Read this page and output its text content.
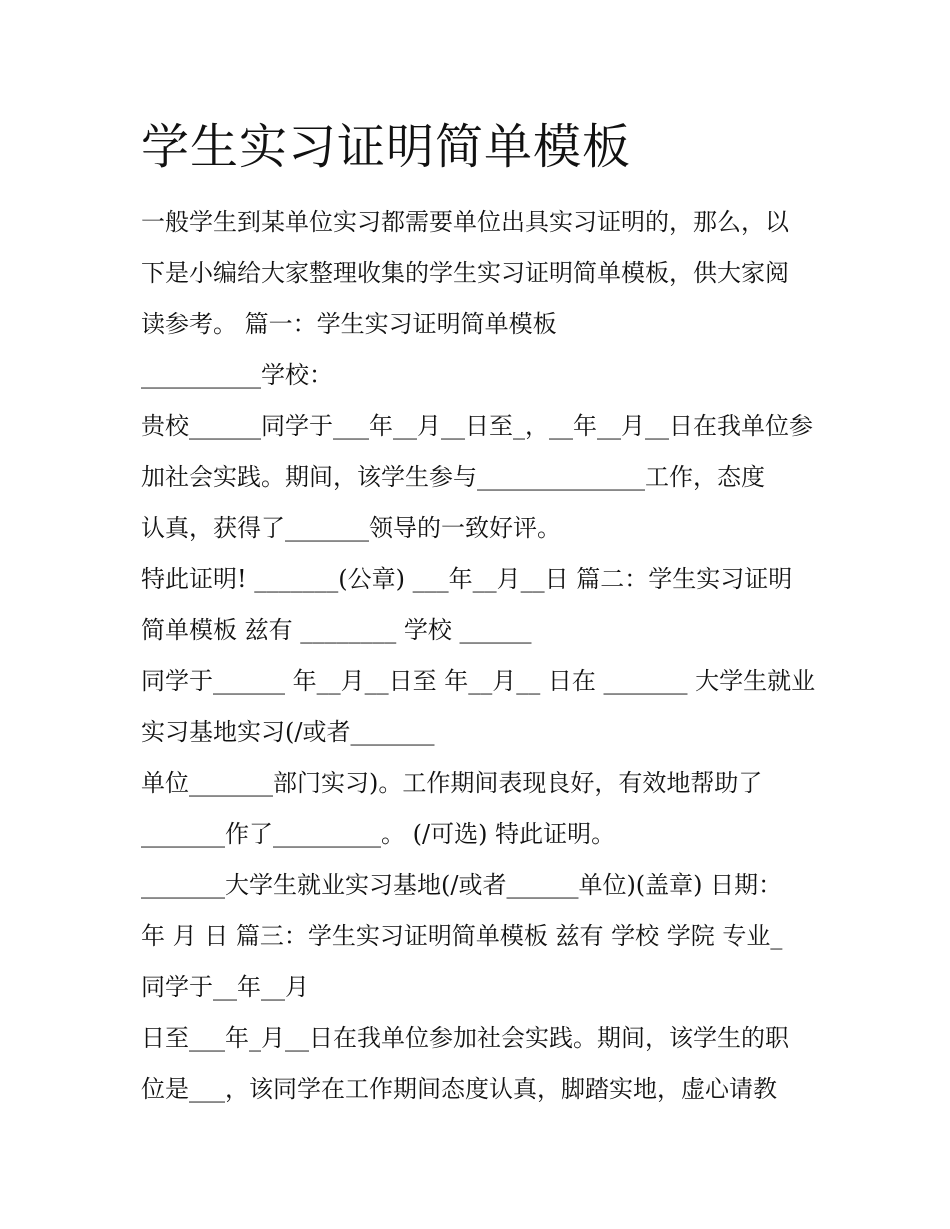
学生实习证明简单模板

一般学生到某单位实习都需要单位出具实习证明的，那么，以

下是小编给大家整理收集的学生实习证明简单模板，供大家阅

读参考。 篇一：学生实习证明简单模板

__________学校：

贵校______同学于___年__月__日至_，__年__月__日在我单位参

加社会实践。期间，该学生参与______________工作，态度

认真，获得了_______领导的一致好评。

特此证明! _______(公章) ___年__月__日 篇二：学生实习证明

简单模板 兹有 ________ 学校 ______

同学于______ 年__月__日至 年__月__ 日在 _______ 大学生就业

实习基地实习(/或者_______

单位_______部门实习)。工作期间表现良好，有效地帮助了

_______作了_________。 (/可选) 特此证明。

_______大学生就业实习基地(/或者______单位)(盖章) 日期：

年 月 日 篇三：学生实习证明简单模板 兹有 学校 学院 专业_

同学于__年__月

日至___年_月__日在我单位参加社会实践。期间，该学生的职

位是___，该同学在工作期间态度认真，脚踏实地，虚心请教
